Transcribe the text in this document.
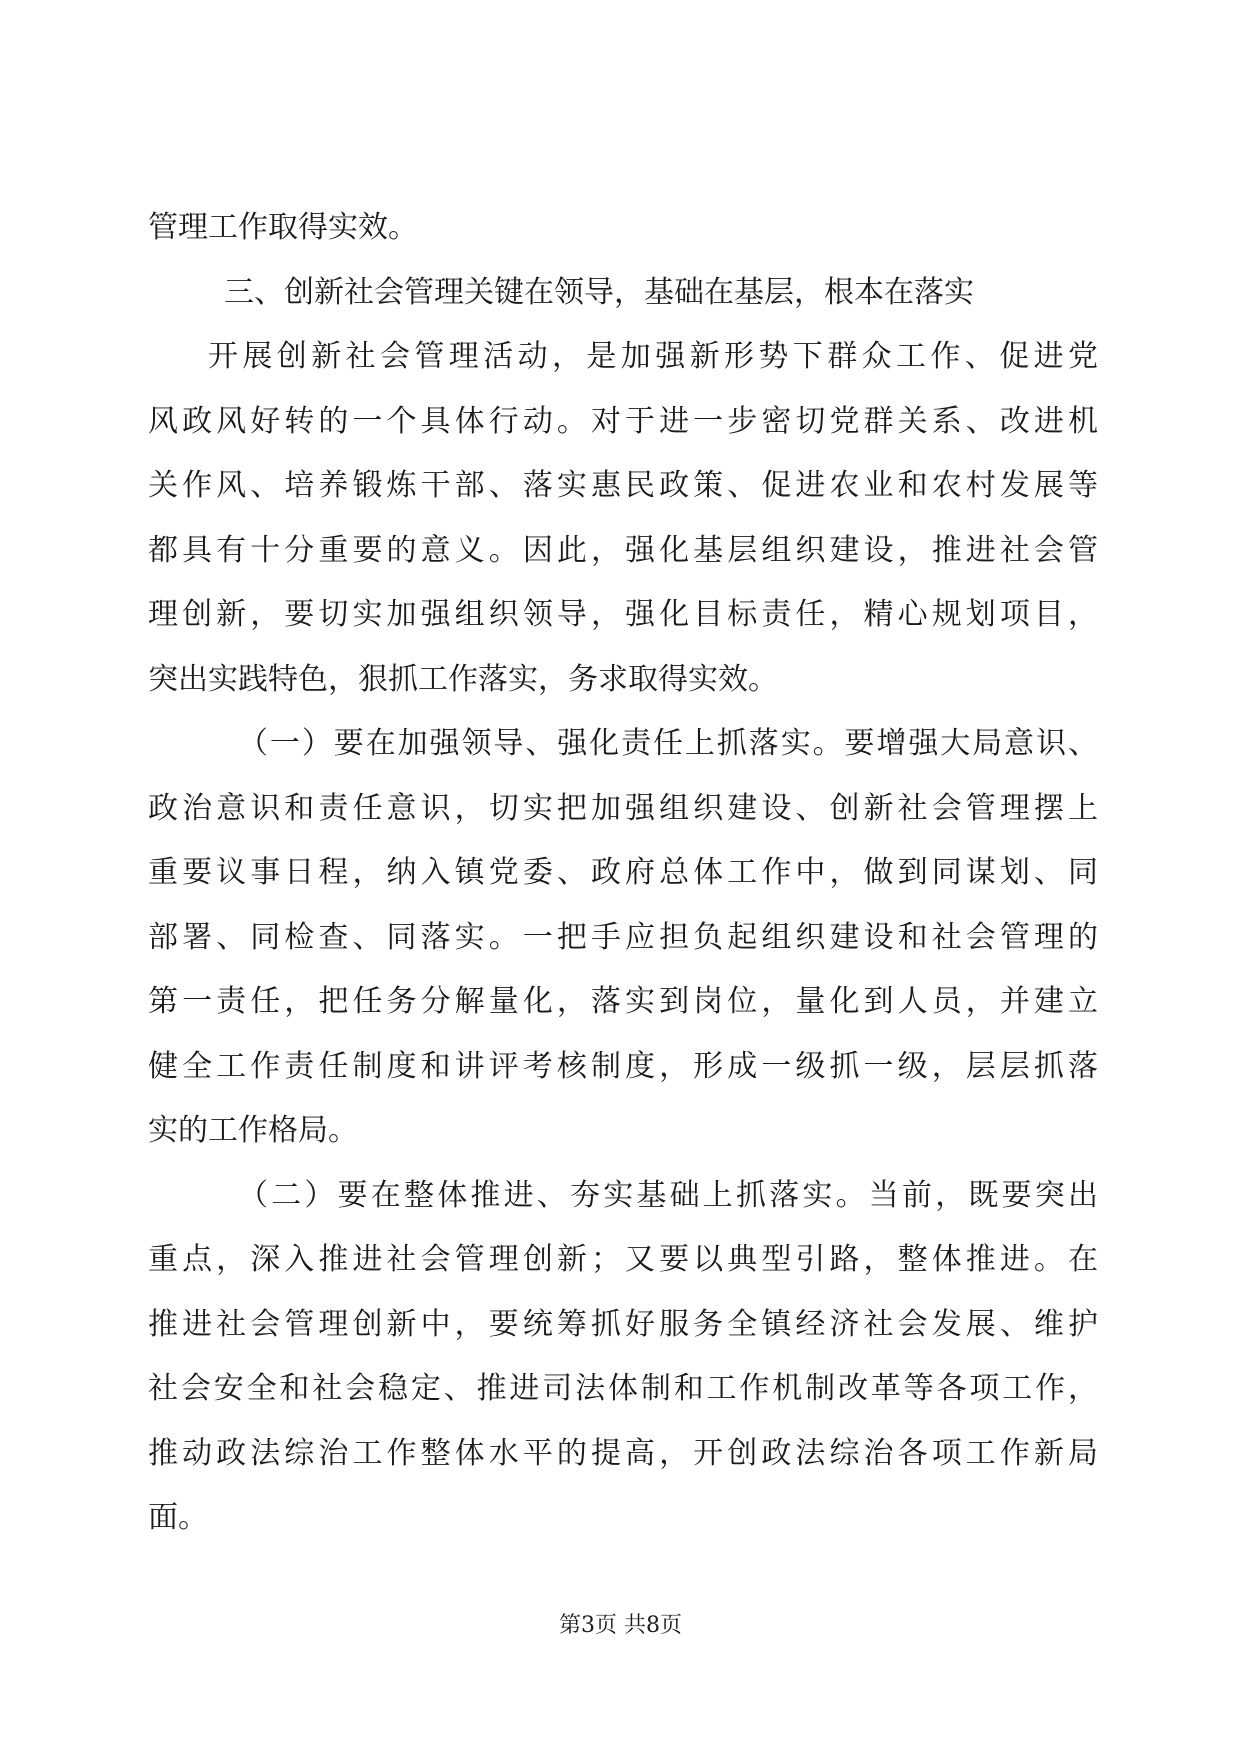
管理工作取得实效。
三、创新社会管理关键在领导，基础在基层，根本在落实
开展创新社会管理活动，是加强新形势下群众工作、促进党
风政风好转的一个具体行动。对于进一步密切党群关系、改进机
关作风、培养锻炼干部、落实惠民政策、促进农业和农村发展等
都具有十分重要的意义。因此，强化基层组织建设，推进社会管
理创新，要切实加强组织领导，强化目标责任，精心规划项目，
突出实践特色，狠抓工作落实，务求取得实效。
（一）要在加强领导、强化责任上抓落实。要增强大局意识、
政治意识和责任意识，切实把加强组织建设、创新社会管理摆上
重要议事日程，纳入镇党委、政府总体工作中，做到同谋划、同
部署、同检查、同落实。一把手应担负起组织建设和社会管理的
第一责任，把任务分解量化，落实到岗位，量化到人员，并建立
健全工作责任制度和讲评考核制度，形成一级抓一级，层层抓落
实的工作格局。
（二）要在整体推进、夯实基础上抓落实。当前，既要突出
重点，深入推进社会管理创新；又要以典型引路，整体推进。在
推进社会管理创新中，要统筹抓好服务全镇经济社会发展、维护
社会安全和社会稳定、推进司法体制和工作机制改革等各项工作，
推动政法综治工作整体水平的提高，开创政法综治各项工作新局
面。
第3页 共8页
